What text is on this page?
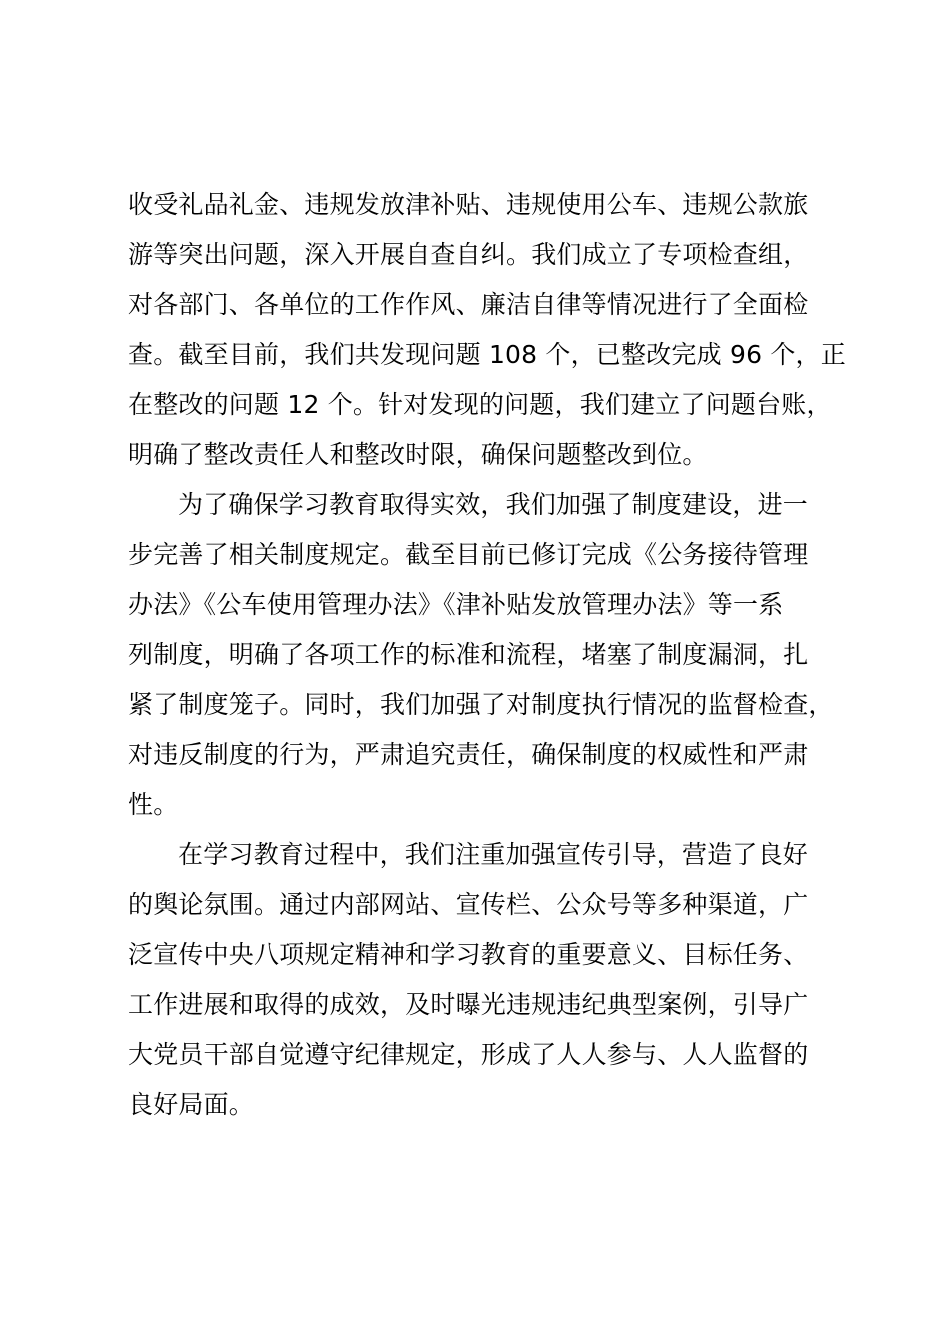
收受礼品礼金、违规发放津补贴、违规使用公车、违规公款旅
游等突出问题，深入开展自查自纠。我们成立了专项检查组，
对各部门、各单位的工作作风、廉洁自律等情况进行了全面检
查。截至目前，我们共发现问题 108 个，已整改完成 96 个，正
在整改的问题 12 个。针对发现的问题，我们建立了问题台账，
明确了整改责任人和整改时限，确保问题整改到位。
为了确保学习教育取得实效，我们加强了制度建设，进一
步完善了相关制度规定。截至目前已修订完成《公务接待管理
办法》《公车使用管理办法》《津补贴发放管理办法》等一系
列制度，明确了各项工作的标准和流程，堵塞了制度漏洞，扎
紧了制度笼子。同时，我们加强了对制度执行情况的监督检查，
对违反制度的行为，严肃追究责任，确保制度的权威性和严肃
性。
在学习教育过程中，我们注重加强宣传引导，营造了良好
的舆论氛围。通过内部网站、宣传栏、公众号等多种渠道，广
泛宣传中央八项规定精神和学习教育的重要意义、目标任务、
工作进展和取得的成效，及时曝光违规违纪典型案例，引导广
大党员干部自觉遵守纪律规定，形成了人人参与、人人监督的
良好局面。
